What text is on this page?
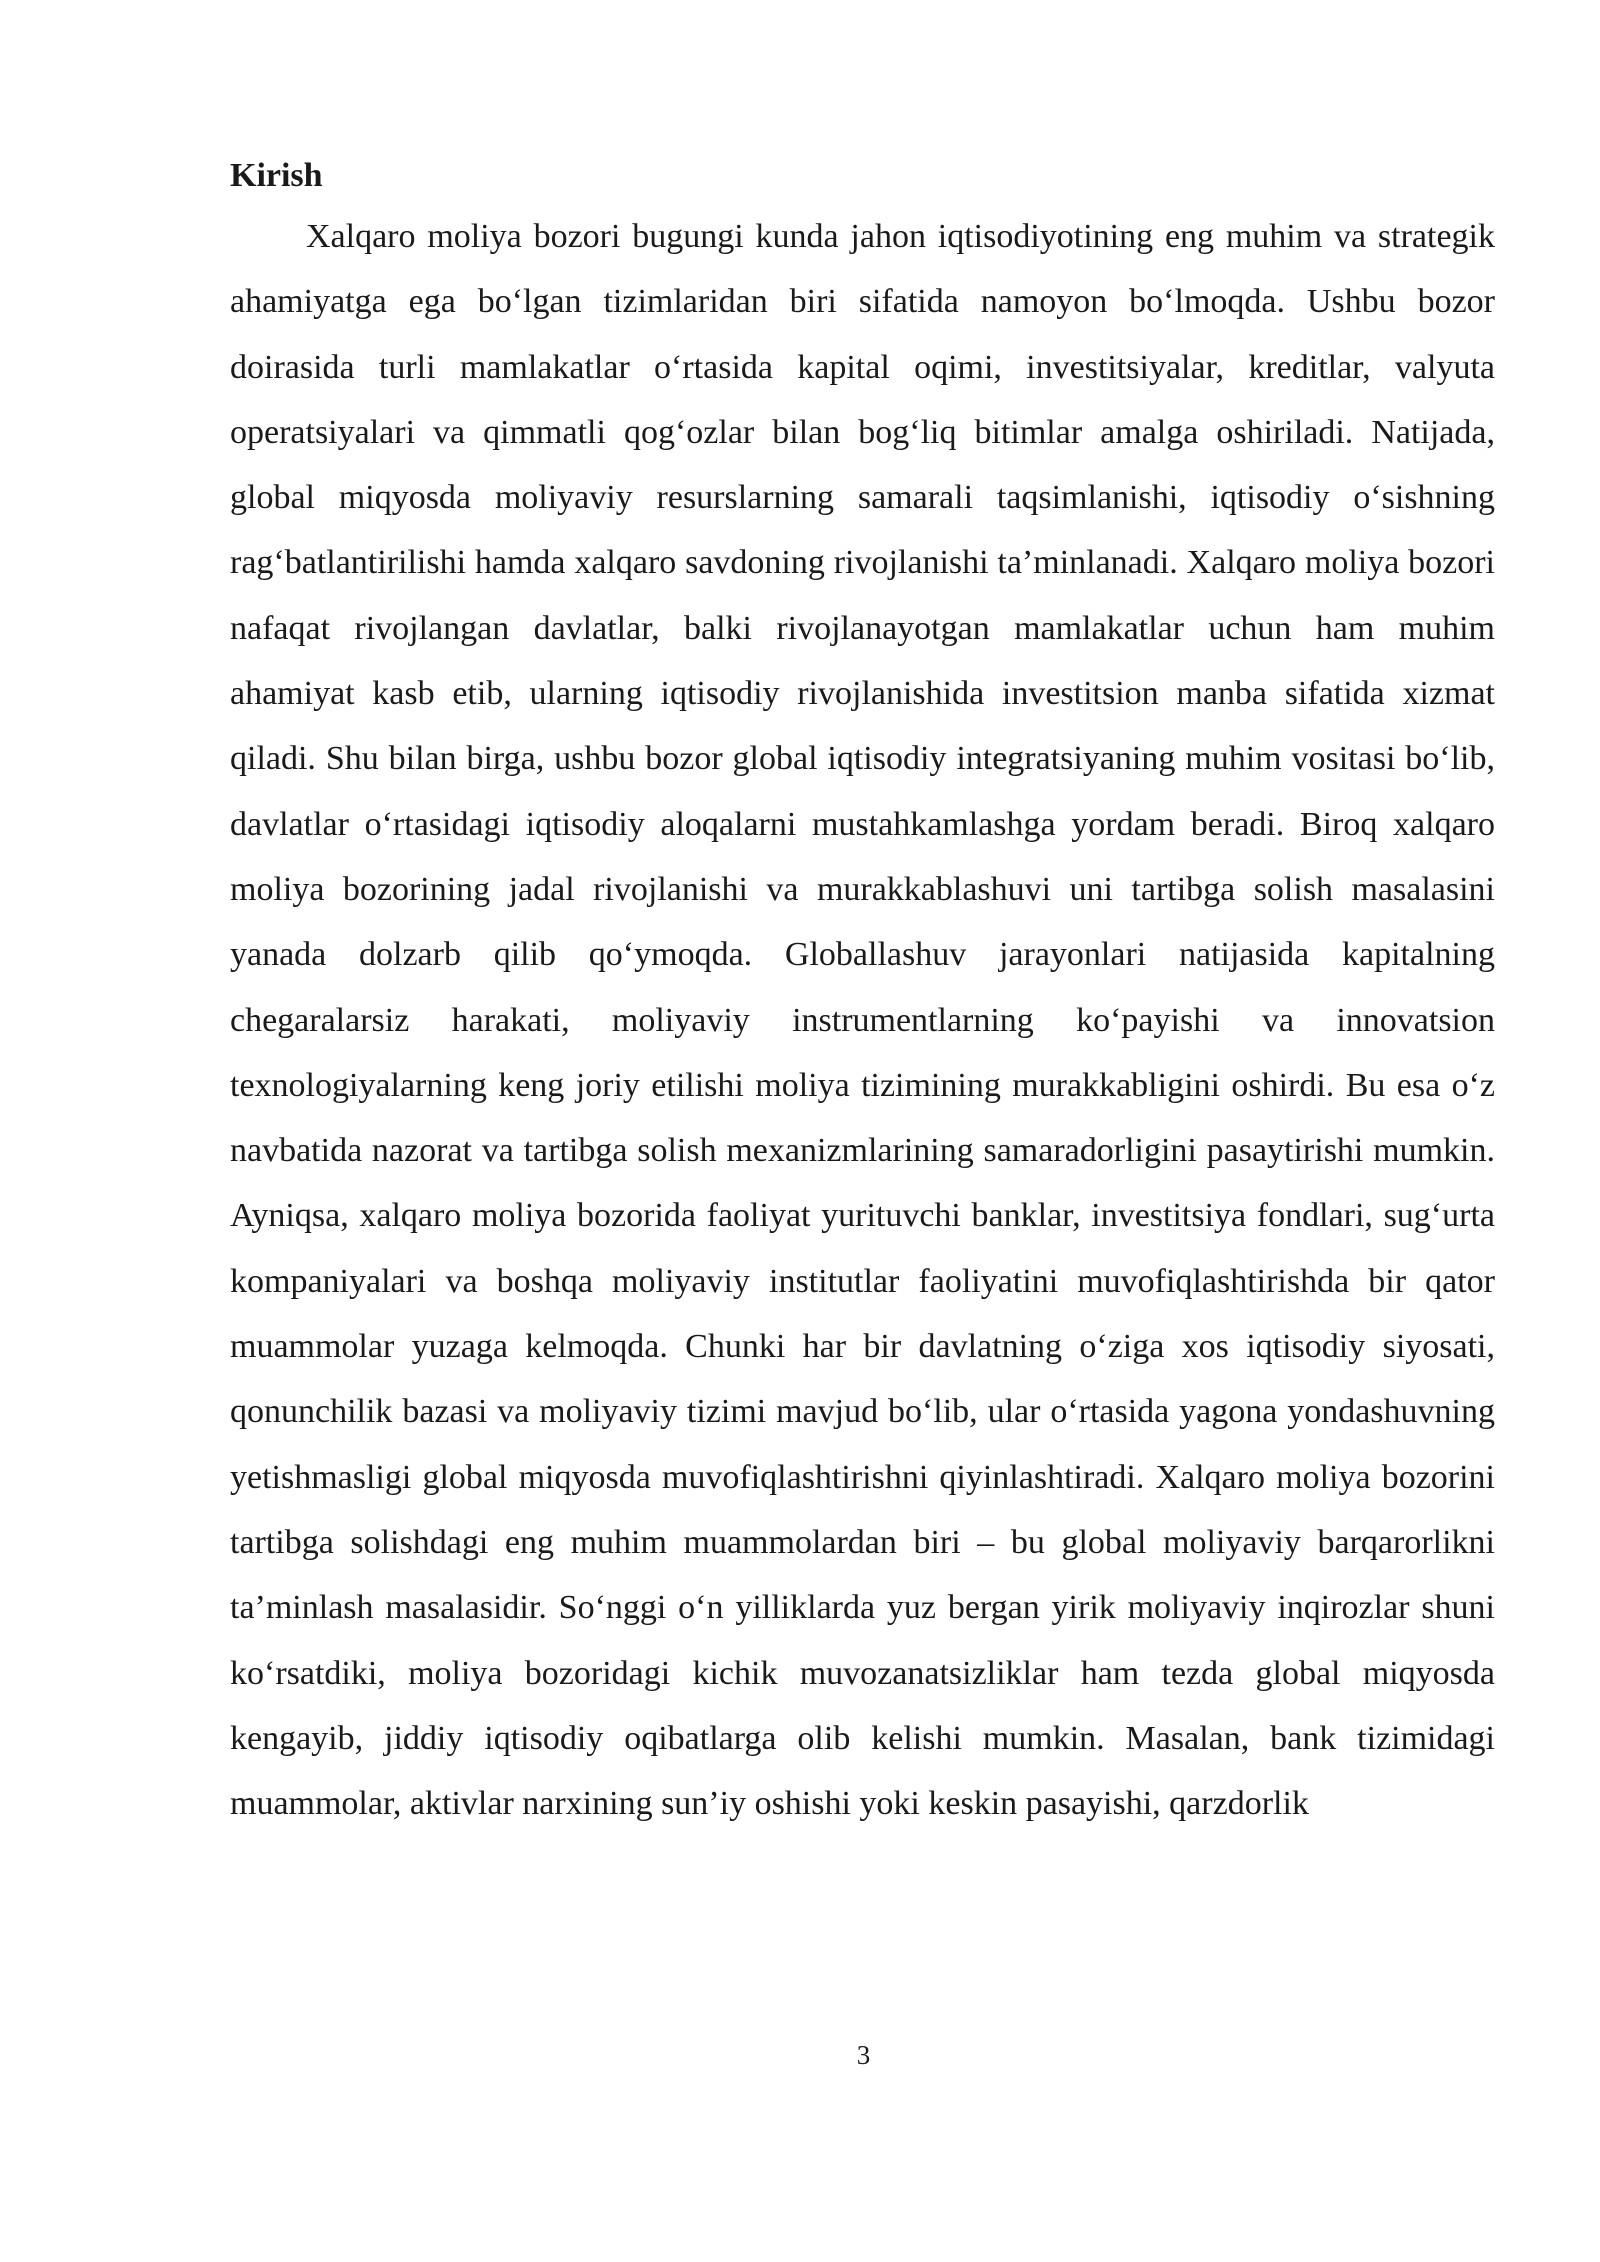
Kirish

Xalqaro moliya bozori bugungi kunda jahon iqtisodiyotining eng muhim va strategik ahamiyatga ega bo‘lgan tizimlaridan biri sifatida namoyon bo‘lmoqda. Ushbu bozor doirasida turli mamlakatlar o‘rtasida kapital oqimi, investitsiyalar, kreditlar, valyuta operatsiyalari va qimmatli qog‘ozlar bilan bog‘liq bitimlar amalga oshiriladi. Natijada, global miqyosda moliyaviy resurslarning samarali taqsimlanishi, iqtisodiy o‘sishning rag‘batlantirilishi hamda xalqaro savdoning rivojlanishi ta’minlanadi. Xalqaro moliya bozori nafaqat rivojlangan davlatlar, balki rivojlanayotgan mamlakatlar uchun ham muhim ahamiyat kasb etib, ularning iqtisodiy rivojlanishida investitsion manba sifatida xizmat qiladi. Shu bilan birga, ushbu bozor global iqtisodiy integratsiyaning muhim vositasi bo‘lib, davlatlar o‘rtasidagi iqtisodiy aloqalarni mustahkamlashga yordam beradi. Biroq xalqaro moliya bozorining jadal rivojlanishi va murakkablashuvi uni tartibga solish masalasini yanada dolzarb qilib qo‘ymoqda. Globallashuv jarayonlari natijasida kapitalning chegaralarsiz harakati, moliyaviy instrumentlarning ko‘payishi va innovatsion texnologiyalarning keng joriy etilishi moliya tizimining murakkabligini oshirdi. Bu esa o‘z navbatida nazorat va tartibga solish mexanizmlarining samaradorligini pasaytirishi mumkin. Ayniqsa, xalqaro moliya bozorida faoliyat yurituvchi banklar, investitsiya fondlari, sug‘urta kompaniyalari va boshqa moliyaviy institutlar faoliyatini muvofiqlashtirishda bir qator muammolar yuzaga kelmoqda. Chunki har bir davlatning o‘ziga xos iqtisodiy siyosati, qonunchilik bazasi va moliyaviy tizimi mavjud bo‘lib, ular o‘rtasida yagona yondashuvning yetishmasligi global miqyosda muvofiqlashtirishni qiyinlashtiradi. Xalqaro moliya bozorini tartibga solishdagi eng muhim muammolardan biri – bu global moliyaviy barqarorlikni ta’minlash masalasidir. So‘nggi o‘n yilliklarda yuz bergan yirik moliyaviy inqirozlar shuni ko‘rsatdiki, moliya bozoridagi kichik muvozanatsizliklar ham tezda global miqyosda kengayib, jiddiy iqtisodiy oqibatlarga olib kelishi mumkin. Masalan, bank tizimidagi muammolar, aktivlar narxining sun’iy oshishi yoki keskin pasayishi, qarzdorlik

3
